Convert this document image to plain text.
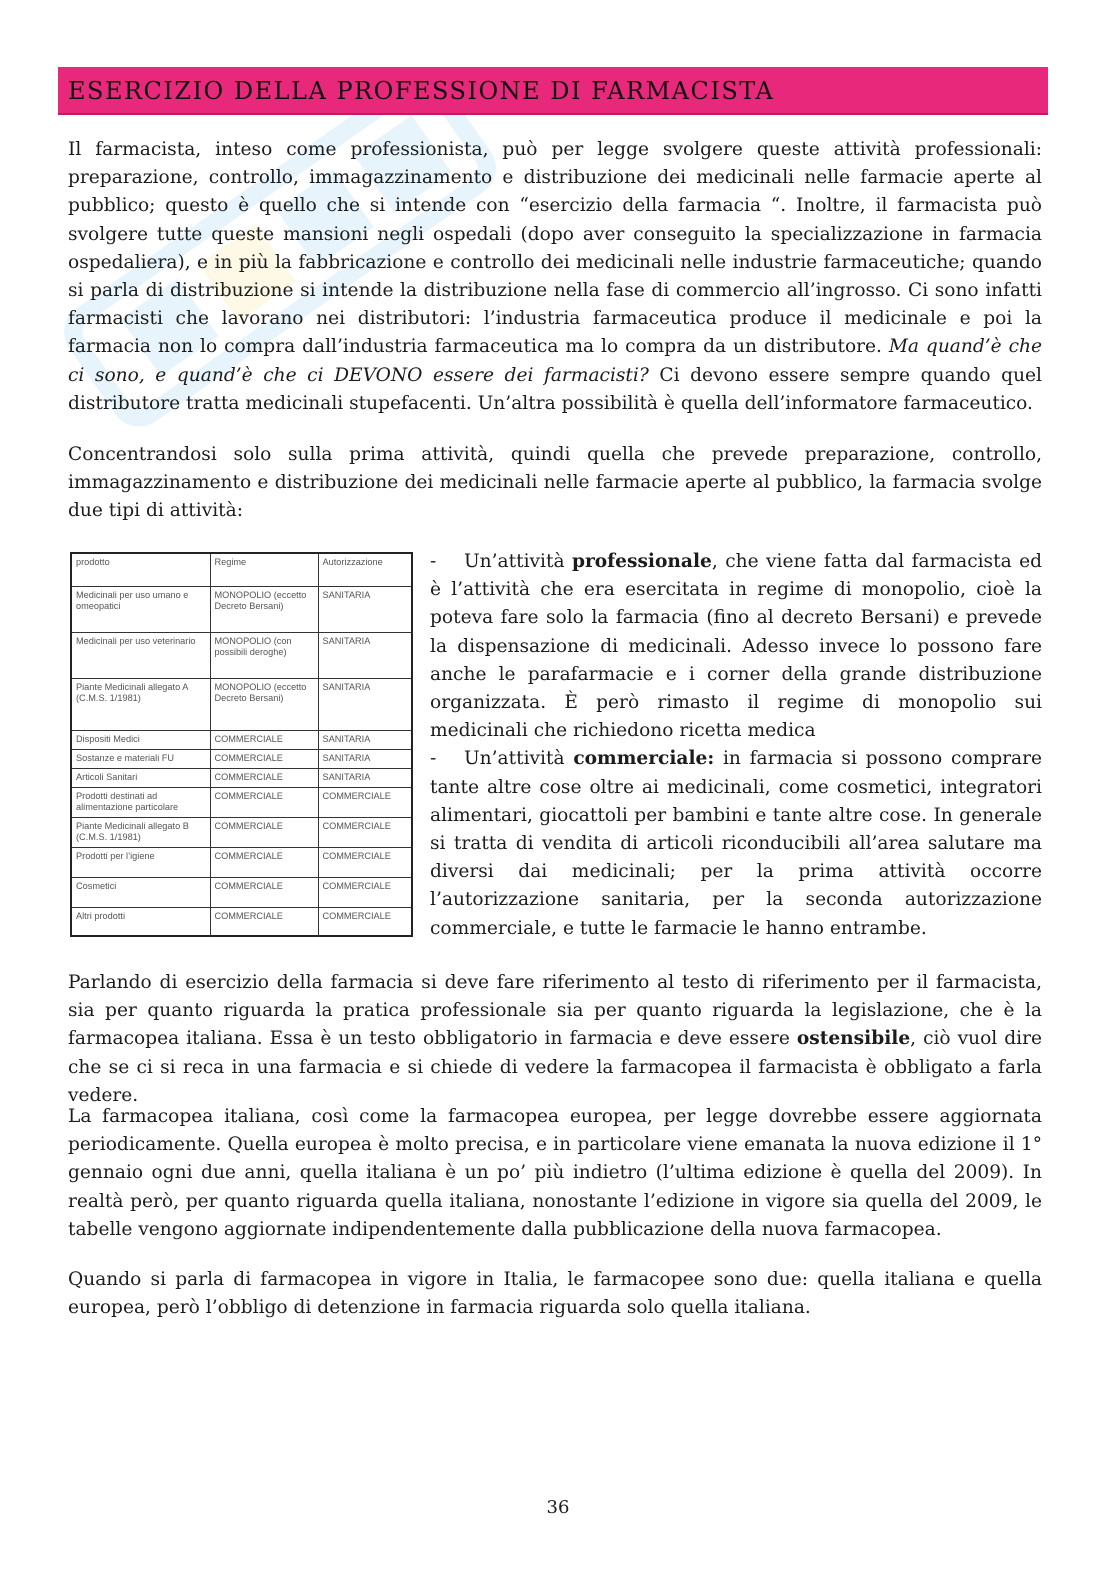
ESERCIZIO DELLA PROFESSIONE DI FARMACISTA

Il farmacista, inteso come professionista, può per legge svolgere queste attività professionali: preparazione, controllo, immagazzinamento e distribuzione dei medicinali nelle farmacie aperte al pubblico; questo è quello che si intende con “esercizio della farmacia “. Inoltre, il farmacista può svolgere tutte queste mansioni negli ospedali (dopo aver conseguito la specializzazione in farmacia ospedaliera), e in più la fabbricazione e controllo dei medicinali nelle industrie farmaceutiche; quando si parla di distribuzione si intende la distribuzione nella fase di commercio all’ingrosso. Ci sono infatti farmacisti che lavorano nei distributori: l’industria farmaceutica produce il medicinale e poi la farmacia non lo compra dall’industria farmaceutica ma lo compra da un distributore. Ma quand’è che ci sono, e quand’è che ci DEVONO essere dei farmacisti? Ci devono essere sempre quando quel distributore tratta medicinali stupefacenti. Un’altra possibilità è quella dell’informatore farmaceutico.

Concentrandosi solo sulla prima attività, quindi quella che prevede preparazione, controllo, immagazzinamento e distribuzione dei medicinali nelle farmacie aperte al pubblico, la farmacia svolge due tipi di attività:

prodotto	Regime	Autorizzazione
Medicinali per uso umano e omeopatici	MONOPOLIO (eccetto Decreto Bersani)	SANITARIA
Medicinali per uso veterinario	MONOPOLIO (con possibili deroghe)	SANITARIA
Piante Medicinali allegato A (C.M.S. 1/1981)	MONOPOLIO (eccetto Decreto Bersani)	SANITARIA
Dispositi Medici	COMMERCIALE	SANITARIA
Sostanze e materiali FU	COMMERCIALE	SANITARIA
Articoli Sanitari	COMMERCIALE	SANITARIA
Prodotti destinati ad alimentazione particolare	COMMERCIALE	COMMERCIALE
Piante Medicinali allegato B (C.M.S. 1/1981)	COMMERCIALE	COMMERCIALE
Prodotti per l’igiene	COMMERCIALE	COMMERCIALE
Cosmetici	COMMERCIALE	COMMERCIALE
Altri prodotti	COMMERCIALE	COMMERCIALE
- Un’attività professionale, che viene fatta dal farmacista ed è l’attività che era esercitata in regime di monopolio, cioè la poteva fare solo la farmacia (fino al decreto Bersani) e prevede la dispensazione di medicinali. Adesso invece lo possono fare anche le parafarmacie e i corner della grande distribuzione organizzata. È però rimasto il regime di monopolio sui medicinali che richiedono ricetta medica
- Un’attività commerciale: in farmacia si possono comprare tante altre cose oltre ai medicinali, come cosmetici, integratori alimentari, giocattoli per bambini e tante altre cose. In generale si tratta di vendita di articoli riconducibili all’area salutare ma diversi dai medicinali; per la prima attività occorre l’autorizzazione sanitaria, per la seconda autorizzazione commerciale, e tutte le farmacie le hanno entrambe.

Parlando di esercizio della farmacia si deve fare riferimento al testo di riferimento per il farmacista, sia per quanto riguarda la pratica professionale sia per quanto riguarda la legislazione, che è la farmacopea italiana. Essa è un testo obbligatorio in farmacia e deve essere ostensibile, ciò vuol dire che se ci si reca in una farmacia e si chiede di vedere la farmacopea il farmacista è obbligato a farla vedere.

La farmacopea italiana, così come la farmacopea europea, per legge dovrebbe essere aggiornata periodicamente. Quella europea è molto precisa, e in particolare viene emanata la nuova edizione il 1° gennaio ogni due anni, quella italiana è un po’ più indietro (l’ultima edizione è quella del 2009). In realtà però, per quanto riguarda quella italiana, nonostante l’edizione in vigore sia quella del 2009, le tabelle vengono aggiornate indipendentemente dalla pubblicazione della nuova farmacopea.

Quando si parla di farmacopea in vigore in Italia, le farmacopee sono due: quella italiana e quella europea, però l’obbligo di detenzione in farmacia riguarda solo quella italiana.

36
